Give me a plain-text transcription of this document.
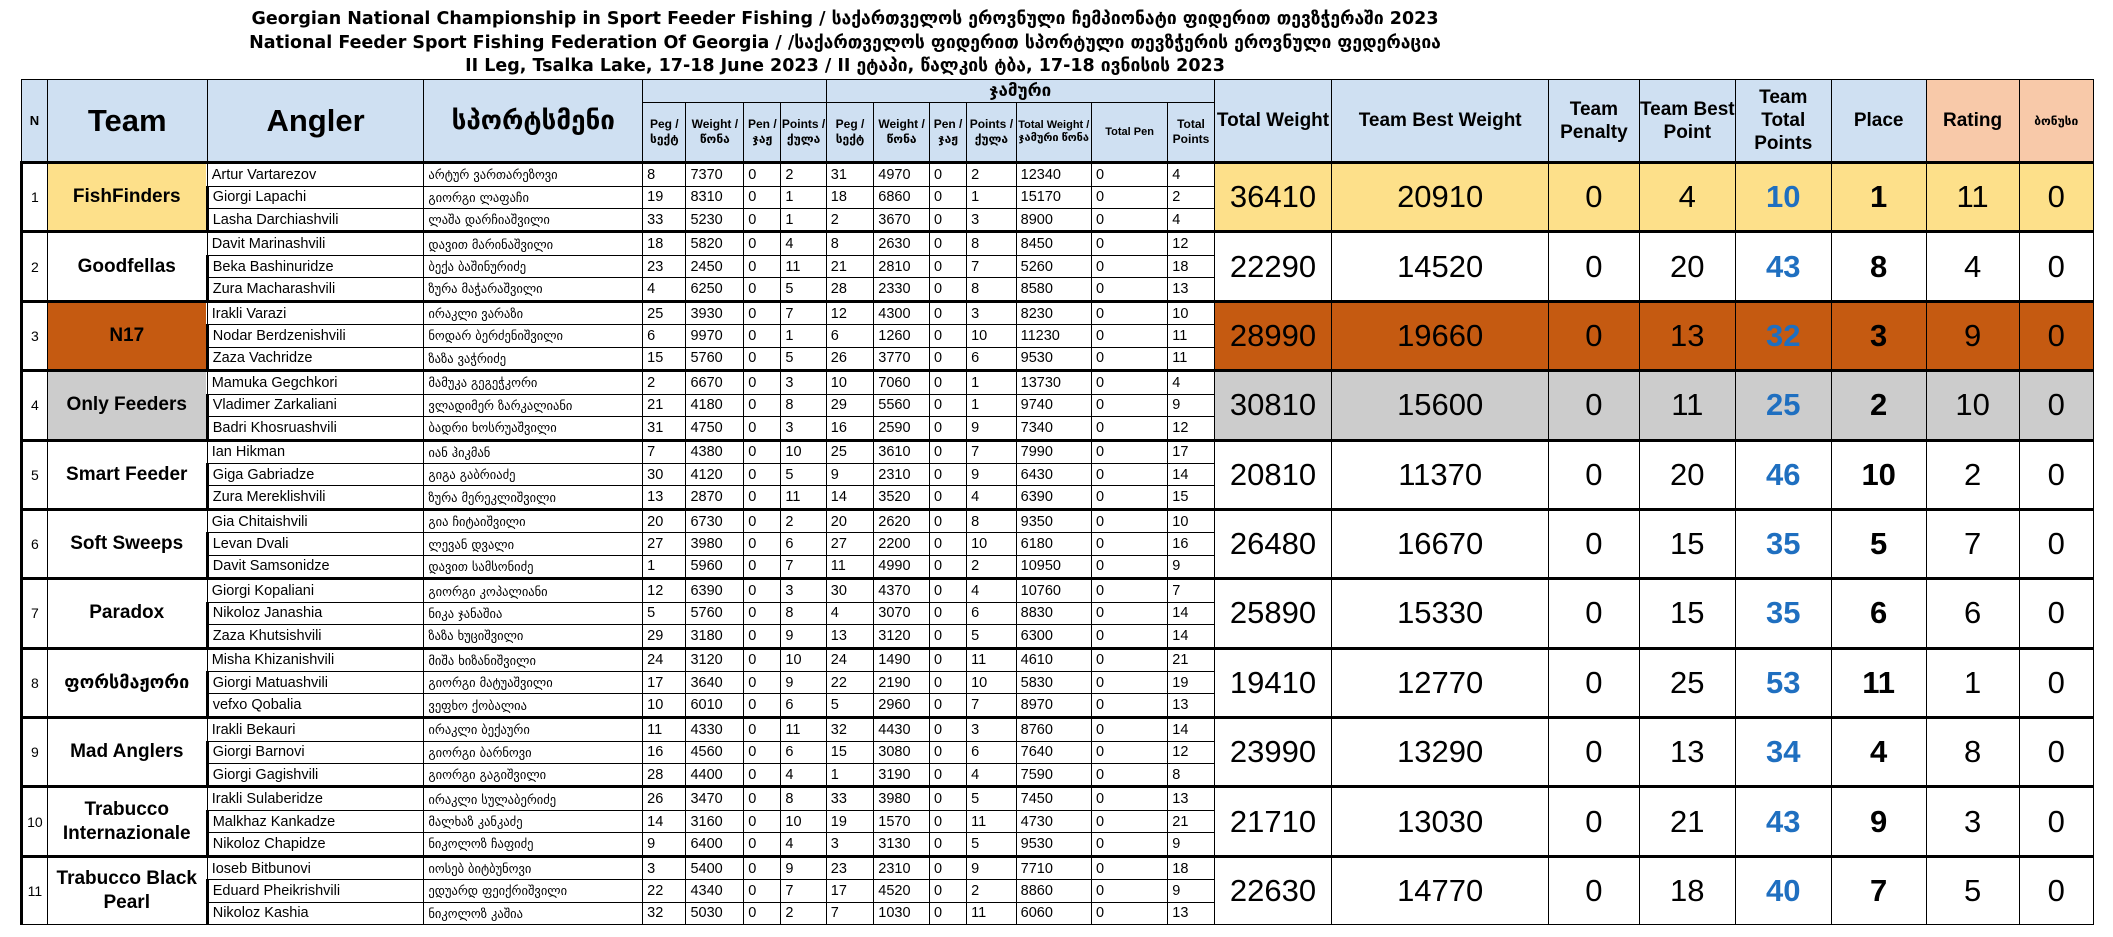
Georgian National Championship in Sport Feeder Fishing / საქართველოს ეროვნული ჩემპიონატი ფიდერით თევზჭერაში 2023
National Feeder Sport Fishing Federation Of Georgia / /საქართველოს ფიდერით სპორტული თევზჭერის ეროვნული ფედერაცია
II Leg, Tsalka Lake, 17-18 June 2023 / II ეტაპი, წალკის ტბა, 17-18 ივნისის 2023
N	Team	Angler	სპორტსმენი					ჯამური							Total Weight	Team Best Weight	Team Penalty	Team Best Point	Team Total Points	Place	Rating	ბონუსი
				Peg / სექტ	Weight / წონა	Pen / ჯაჟ	Points / ქულა	Peg / სექტ	Weight / წონა	Pen / ჯაჟ	Points / ქულა	Total Weight / ჯამური წონა	Total Pen	Total Points								
1	FishFinders	Artur Vartarezov	არტურ ვართარეზოვი	8	7370	0	2	31	4970	0	2	12340	0	4	36410	20910	0	4	10	1	11	0
		Giorgi Lapachi	გიორგი ლაფაჩი	19	8310	0	1	18	6860	0	1	15170	0	2								
		Lasha Darchiashvili	ლაშა დარჩიაშვილი	33	5230	0	1	2	3670	0	3	8900	0	4								
2	Goodfellas	Davit Marinashvili	დავით მარინაშვილი	18	5820	0	4	8	2630	0	8	8450	0	12	22290	14520	0	20	43	8	4	0
		Beka Bashinuridze	ბექა ბაშინურიძე	23	2450	0	11	21	2810	0	7	5260	0	18								
		Zura Macharashvili	ზურა მაჭარაშვილი	4	6250	0	5	28	2330	0	8	8580	0	13								
3	N17	Irakli Varazi	ირაკლი ვარაზი	25	3930	0	7	12	4300	0	3	8230	0	10	28990	19660	0	13	32	3	9	0
		Nodar Berdzenishvili	ნოდარ ბერძენიშვილი	6	9970	0	1	6	1260	0	10	11230	0	11								
		Zaza Vachridze	ზაზა ვაჭრიძე	15	5760	0	5	26	3770	0	6	9530	0	11								
4	Only Feeders	Mamuka Gegchkori	მამუკა გეგეჭკორი	2	6670	0	3	10	7060	0	1	13730	0	4	30810	15600	0	11	25	2	10	0
		Vladimer Zarkaliani	ვლადიმერ ზარკალიანი	21	4180	0	8	29	5560	0	1	9740	0	9								
		Badri Khosruashvili	ბადრი ხოსრუაშვილი	31	4750	0	3	16	2590	0	9	7340	0	12								
5	Smart Feeder	Ian Hikman	იან ჰიკმან	7	4380	0	10	25	3610	0	7	7990	0	17	20810	11370	0	20	46	10	2	0
		Giga Gabriadze	გიგა გაბრიაძე	30	4120	0	5	9	2310	0	9	6430	0	14								
		Zura Mereklishvili	ზურა მერეკლიშვილი	13	2870	0	11	14	3520	0	4	6390	0	15								
6	Soft Sweeps	Gia Chitaishvili	გია ჩიტაიშვილი	20	6730	0	2	20	2620	0	8	9350	0	10	26480	16670	0	15	35	5	7	0
		Levan Dvali	ლევან დვალი	27	3980	0	6	27	2200	0	10	6180	0	16								
		Davit Samsonidze	დავით სამსონიძე	1	5960	0	7	11	4990	0	2	10950	0	9								
7	Paradox	Giorgi Kopaliani	გიორგი კოპალიანი	12	6390	0	3	30	4370	0	4	10760	0	7	25890	15330	0	15	35	6	6	0
		Nikoloz Janashia	ნიკა ჯანაშია	5	5760	0	8	4	3070	0	6	8830	0	14								
		Zaza Khutsishvili	ზაზა ხუციშვილი	29	3180	0	9	13	3120	0	5	6300	0	14								
8	ფორსმაჟორი	Misha Khizanishvili	მიშა ხიზანიშვილი	24	3120	0	10	24	1490	0	11	4610	0	21	19410	12770	0	25	53	11	1	0
		Giorgi Matuashvili	გიორგი მატუაშვილი	17	3640	0	9	22	2190	0	10	5830	0	19								
		vefxo Qobalia	ვეფხო ქობალია	10	6010	0	6	5	2960	0	7	8970	0	13								
9	Mad Anglers	Irakli Bekauri	ირაკლი ბექაური	11	4330	0	11	32	4430	0	3	8760	0	14	23990	13290	0	13	34	4	8	0
		Giorgi Barnovi	გიორგი ბარნოვი	16	4560	0	6	15	3080	0	6	7640	0	12								
		Giorgi Gagishvili	გიორგი გაგიშვილი	28	4400	0	4	1	3190	0	4	7590	0	8								
10	Trabucco Internazionale	Irakli Sulaberidze	ირაკლი სულაბერიძე	26	3470	0	8	33	3980	0	5	7450	0	13	21710	13030	0	21	43	9	3	0
		Malkhaz Kankadze	მალხაზ კანკაძე	14	3160	0	10	19	1570	0	11	4730	0	21								
		Nikoloz Chapidze	ნიკოლოზ ჩაფიძე	9	6400	0	4	3	3130	0	5	9530	0	9								
11	Trabucco Black Pearl	Ioseb Bitbunovi	იოსებ ბიტბუნოვი	3	5400	0	9	23	2310	0	9	7710	0	18	22630	14770	0	18	40	7	5	0
		Eduard Pheikrishvili	ედუარდ ფეიქრიშვილი	22	4340	0	7	17	4520	0	2	8860	0	9								
		Nikoloz Kashia	ნიკოლოზ კაშია	32	5030	0	2	7	1030	0	11	6060	0	13								
